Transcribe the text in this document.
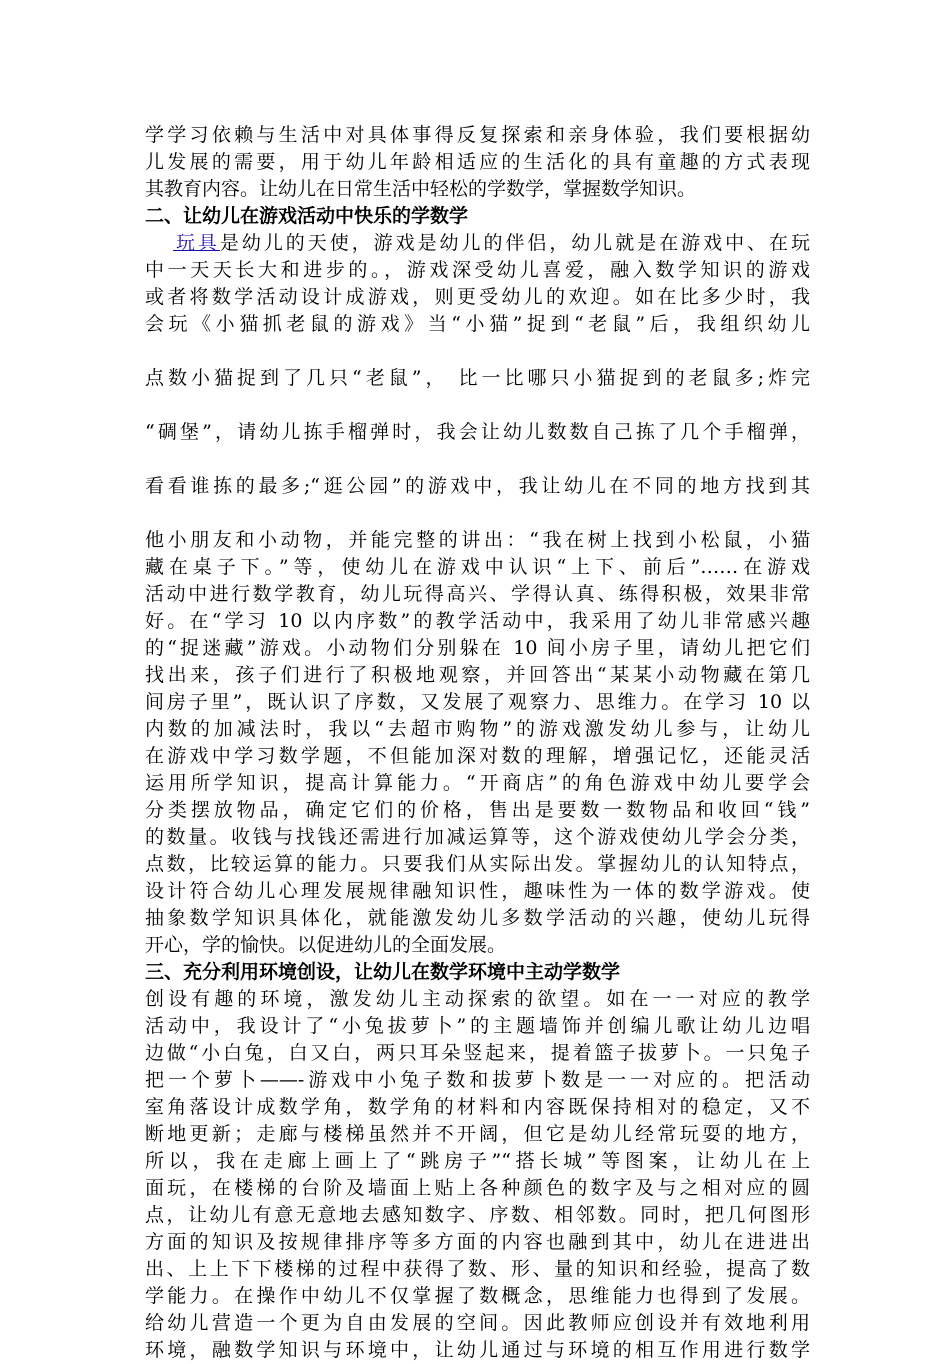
学学习依赖与生活中对具体事得反复探索和亲身体验，我们要根据幼
儿发展的需要，用于幼儿年龄相适应的生活化的具有童趣的方式表现
其教育内容。让幼儿在日常生活中轻松的学数学，掌握数学知识。
二、让幼儿在游戏活动中快乐的学数学
玩具是幼儿的天使，游戏是幼儿的伴侣，幼儿就是在游戏中、在玩
中一天天长大和进步的。，游戏深受幼儿喜爱，融入数学知识的游戏
或者将数学活动设计成游戏，则更受幼儿的欢迎。如在比多少时，我
会玩《小猫抓老鼠的游戏》当“小猫”捉到“老鼠”后，我组织幼儿
点数小猫捉到了几只“老鼠”， 比一比哪只小猫捉到的老鼠多;炸完
“碉堡”，请幼儿拣手榴弹时，我会让幼儿数数自己拣了几个手榴弹，
看看谁拣的最多;“逛公园”的游戏中，我让幼儿在不同的地方找到其
他小朋友和小动物，并能完整的讲出：“我在树上找到小松鼠，小猫
藏在桌子下。”等，使幼儿在游戏中认识“上下、前后”……在游戏
活动中进行数学教育，幼儿玩得高兴、学得认真、练得积极，效果非常
好。在“学习 10 以内序数”的教学活动中，我采用了幼儿非常感兴趣
的“捉迷藏”游戏。小动物们分别躲在 10 间小房子里，请幼儿把它们
找出来，孩子们进行了积极地观察，并回答出“某某小动物藏在第几
间房子里”，既认识了序数，又发展了观察力、思维力。在学习 10 以
内数的加减法时，我以“去超市购物”的游戏激发幼儿参与，让幼儿
在游戏中学习数学题，不但能加深对数的理解，增强记忆，还能灵活
运用所学知识，提高计算能力。“开商店”的角色游戏中幼儿要学会
分类摆放物品，确定它们的价格，售出是要数一数物品和收回“钱”
的数量。收钱与找钱还需进行加减运算等，这个游戏使幼儿学会分类，
点数，比较运算的能力。只要我们从实际出发。掌握幼儿的认知特点，
设计符合幼儿心理发展规律融知识性，趣味性为一体的数学游戏。使
抽象数学知识具体化，就能激发幼儿多数学活动的兴趣，使幼儿玩得
开心，学的愉快。以促进幼儿的全面发展。
三、充分利用环境创设，让幼儿在数学环境中主动学数学
创设有趣的环境，激发幼儿主动探索的欲望。如在一一对应的教学
活动中，我设计了“小兔拔萝卜”的主题墙饰并创编儿歌让幼儿边唱
边做“小白兔，白又白，两只耳朵竖起来，提着篮子拔萝卜。一只兔子
把一个萝卜——-游戏中小兔子数和拔萝卜数是一一对应的。把活动
室角落设计成数学角，数学角的材料和内容既保持相对的稳定，又不
断地更新；走廊与楼梯虽然并不开阔，但它是幼儿经常玩耍的地方，
所以，我在走廊上画上了“跳房子”“搭长城”等图案，让幼儿在上
面玩，在楼梯的台阶及墙面上贴上各种颜色的数字及与之相对应的圆
点，让幼儿有意无意地去感知数字、序数、相邻数。同时，把几何图形
方面的知识及按规律排序等多方面的内容也融到其中，幼儿在进进出
出、上上下下楼梯的过程中获得了数、形、量的知识和经验，提高了数
学能力。在操作中幼儿不仅掌握了数概念，思维能力也得到了发展。
给幼儿营造一个更为自由发展的空间。因此教师应创设并有效地利用
环境，融数学知识与环境中，让幼儿通过与环境的相互作用进行数学
